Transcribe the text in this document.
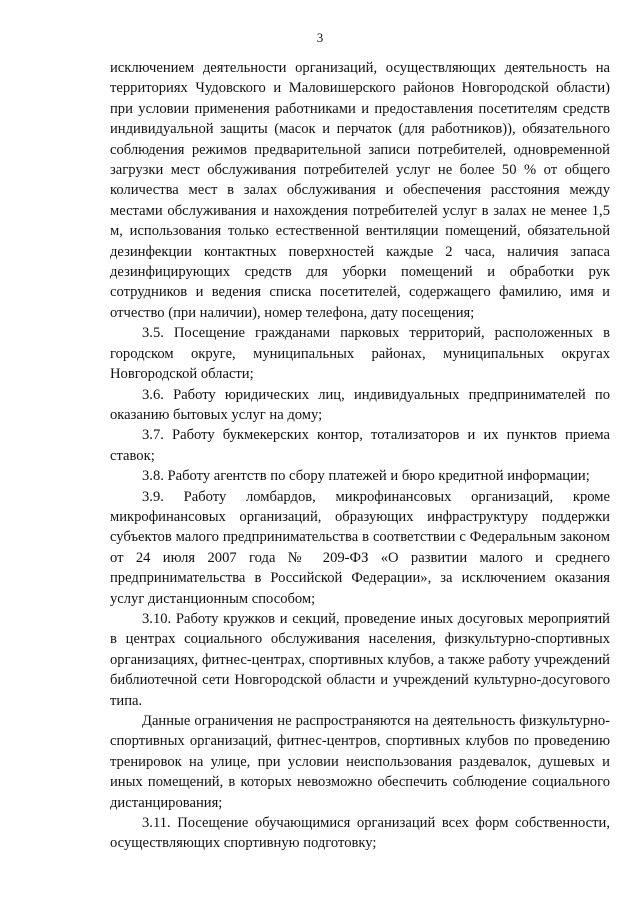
3

исключением деятельности организаций, осуществляющих деятельность на территориях Чудовского и Маловишерского районов Новгородской области) при условии применения работниками и предоставления посетителям средств индивидуальной защиты (масок и перчаток (для работников)), обязательного соблюдения режимов предварительной записи потребителей, одновременной загрузки мест обслуживания потребителей услуг не более 50 % от общего количества мест в залах обслуживания и обеспечения расстояния между местами обслуживания и нахождения потребителей услуг в залах не менее 1,5 м, использования только естественной вентиляции помещений, обязательной дезинфекции контактных поверхностей каждые 2 часа, наличия запаса дезинфицирующих средств для уборки помещений и обработки рук сотрудников и ведения списка посетителей, содержащего фамилию, имя и отчество (при наличии), номер телефона, дату посещения;

3.5. Посещение гражданами парковых территорий, расположенных в городском округе, муниципальных районах, муниципальных округах Новгородской области;

3.6. Работу юридических лиц, индивидуальных предпринимателей по оказанию бытовых услуг на дому;

3.7. Работу букмекерских контор, тотализаторов и их пунктов приема ставок;

3.8. Работу агентств по сбору платежей и бюро кредитной информации;

3.9. Работу ломбардов, микрофинансовых организаций, кроме микрофинансовых организаций, образующих инфраструктуру поддержки субъектов малого предпринимательства в соответствии с Федеральным законом от 24 июля 2007 года № 209-ФЗ «О развитии малого и среднего предпринимательства в Российской Федерации», за исключением оказания услуг дистанционным способом;

3.10. Работу кружков и секций, проведение иных досуговых мероприятий в центрах социального обслуживания населения, физкультурно-спортивных организациях, фитнес-центрах, спортивных клубов, а также работу учреждений библиотечной сети Новгородской области и учреждений культурно-досугового типа.

Данные ограничения не распространяются на деятельность физкультурно-спортивных организаций, фитнес-центров, спортивных клубов по проведению тренировок на улице, при условии неиспользования раздевалок, душевых и иных помещений, в которых невозможно обеспечить соблюдение социального дистанцирования;

3.11. Посещение обучающимися организаций всех форм собственности, осуществляющих спортивную подготовку;
